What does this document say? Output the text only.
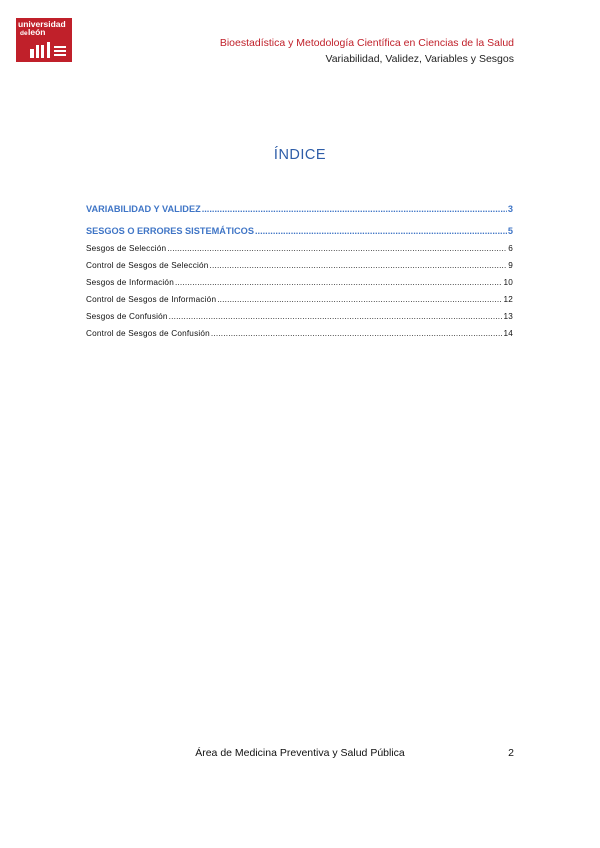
universidad
de león
Bioestadística y Metodología Científica en Ciencias de la Salud
Variabilidad, Validez, Variables y Sesgos
ÍNDICE
VARIABILIDAD Y VALIDEZ .....	3
SESGOS O ERRORES SISTEMÁTICOS .....	5
Sesgos de Selección .....	6
Control de Sesgos de Selección .....	9
Sesgos de Información .....	10
Control de Sesgos de Información .....	12
Sesgos de Confusión .....	13
Control de Sesgos de Confusión .....	14
Área de Medicina Preventiva y Salud Pública	2
